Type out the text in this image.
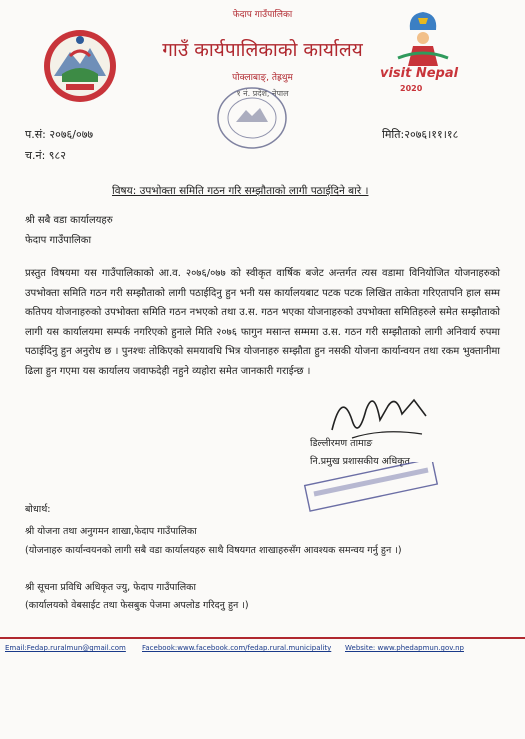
visit Nepal
2020
फेदाप गाउँपालिका
गाउँ कार्यपालिकाको कार्यालय
पोक्लाबाङ्, तेह्रथुम
१ नं. प्रदेश, नेपाल
प.सं: २०७६/०७७
च.नं: ९८२
मिति:२०७६।११।१८
विषय: उपभोक्ता समिति गठन गरि सम्झौताको लागी पठाईदिने बारे ।
श्री सबै वडा कार्यालयहरु
फेदाप गाउँपालिका
प्रस्तुत विषयमा यस गाउँपालिकाको आ.व. २०७६/०७७ को स्वीकृत वार्षिक बजेट अन्तर्गत त्यस वडामा विनियोजित योजनाहरुको उपभोक्ता समिति गठन गरी सम्झौताको लागी पठाईदिनु हुन भनी यस कार्यालयबाट पटक पटक लिखित ताकेता गरिएतापनि हाल सम्म कतिपय योजनाहरुको उपभोक्ता समिति गठन नभएको तथा उ.स. गठन भएका योजनाहरुको उपभोक्ता समितिहरुले समेत सम्झौताको लागी यस कार्यालयमा सम्पर्क नगरिएको हुनाले मिति २०७६ फागुन मसान्त सम्ममा उ.स. गठन गरी सम्झौताको लागी अनिवार्य रुपमा पठाईदिनु हुन अनुरोध छ । पुनश्चः तोकिएको समयावधि भित्र योजनाहरु सम्झौता हुन नसकी योजना कार्यान्वयन तथा रकम भुक्तानीमा ढिला हुन गएमा यस कार्यालय जवाफदेही नहुने व्यहोरा समेत जानकारी गराईन्छ ।
डिल्लीरमण तामाङ
नि.प्रमुख प्रशासकीय अधिकृत
बोधार्थ:
श्री योजना तथा अनुगमन शाखा,फेदाप गाउँपालिका
(योजनाहरु कार्यान्वयनको लागी सबै वडा कार्यालयहरु साथै विषयगत शाखाहरुसँग आवश्यक समन्वय गर्नु हुन ।)
श्री सूचना प्रविधि अधिकृत ज्यु, फेदाप गाउँपालिका
(कार्यालयको वेबसाईट तथा फेसबुक पेजमा अपलोड गरिदनु हुन ।)
Email:Fedap.ruralmun@gmail.com Facebook:www.facebook.com/fedap.rural.municipality Website: www.phedapmun.gov.np
